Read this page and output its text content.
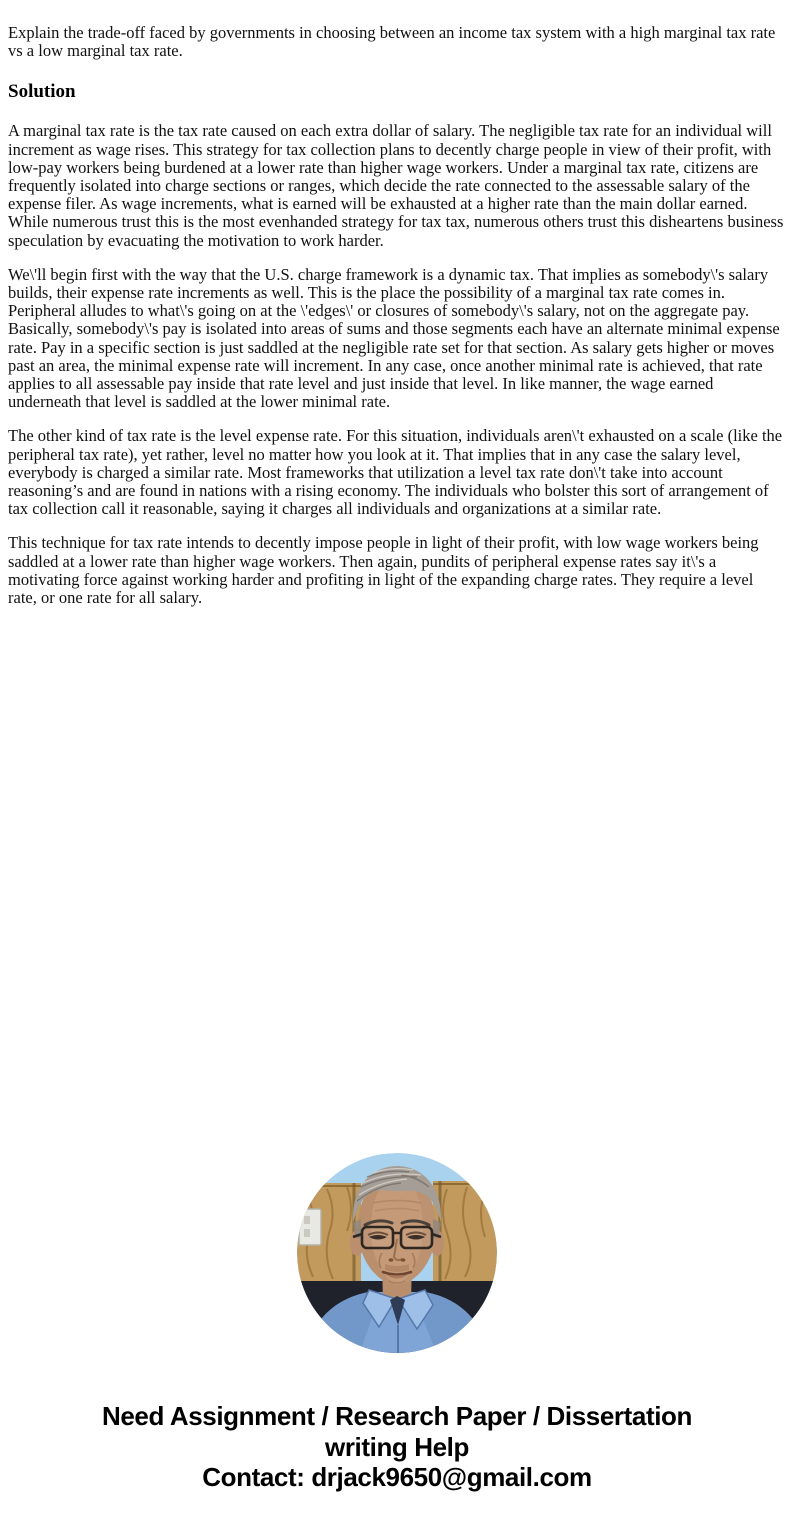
Explain the trade-off faced by governments in choosing between an income tax system with a high marginal tax rate vs a low marginal tax rate.

Solution

A marginal tax rate is the tax rate caused on each extra dollar of salary. The negligible tax rate for an individual will increment as wage rises. This strategy for tax collection plans to decently charge people in view of their profit, with low-pay workers being burdened at a lower rate than higher wage workers. Under a marginal tax rate, citizens are frequently isolated into charge sections or ranges, which decide the rate connected to the assessable salary of the expense filer. As wage increments, what is earned will be exhausted at a higher rate than the main dollar earned. While numerous trust this is the most evenhanded strategy for tax tax, numerous others trust this disheartens business speculation by evacuating the motivation to work harder.

We\'ll begin first with the way that the U.S. charge framework is a dynamic tax. That implies as somebody\'s salary builds, their expense rate increments as well. This is the place the possibility of a marginal tax rate comes in. Peripheral alludes to what\'s going on at the \'edges\' or closures of somebody\'s salary, not on the aggregate pay. Basically, somebody\'s pay is isolated into areas of sums and those segments each have an alternate minimal expense rate. Pay in a specific section is just saddled at the negligible rate set for that section. As salary gets higher or moves past an area, the minimal expense rate will increment. In any case, once another minimal rate is achieved, that rate applies to all assessable pay inside that rate level and just inside that level. In like manner, the wage earned underneath that level is saddled at the lower minimal rate.

The other kind of tax rate is the level expense rate. For this situation, individuals aren\'t exhausted on a scale (like the peripheral tax rate), yet rather, level no matter how you look at it. That implies that in any case the salary level, everybody is charged a similar rate. Most frameworks that utilization a level tax rate don\'t take into account reasoning’s and are found in nations with a rising economy. The individuals who bolster this sort of arrangement of tax collection call it reasonable, saying it charges all individuals and organizations at a similar rate.

This technique for tax rate intends to decently impose people in light of their profit, with low wage workers being saddled at a lower rate than higher wage workers. Then again, pundits of peripheral expense rates say it\'s a motivating force against working harder and profiting in light of the expanding charge rates. They require a level rate, or one rate for all salary.

Need Assignment / Research Paper / Dissertation
writing Help
Contact: drjack9650@gmail.com
